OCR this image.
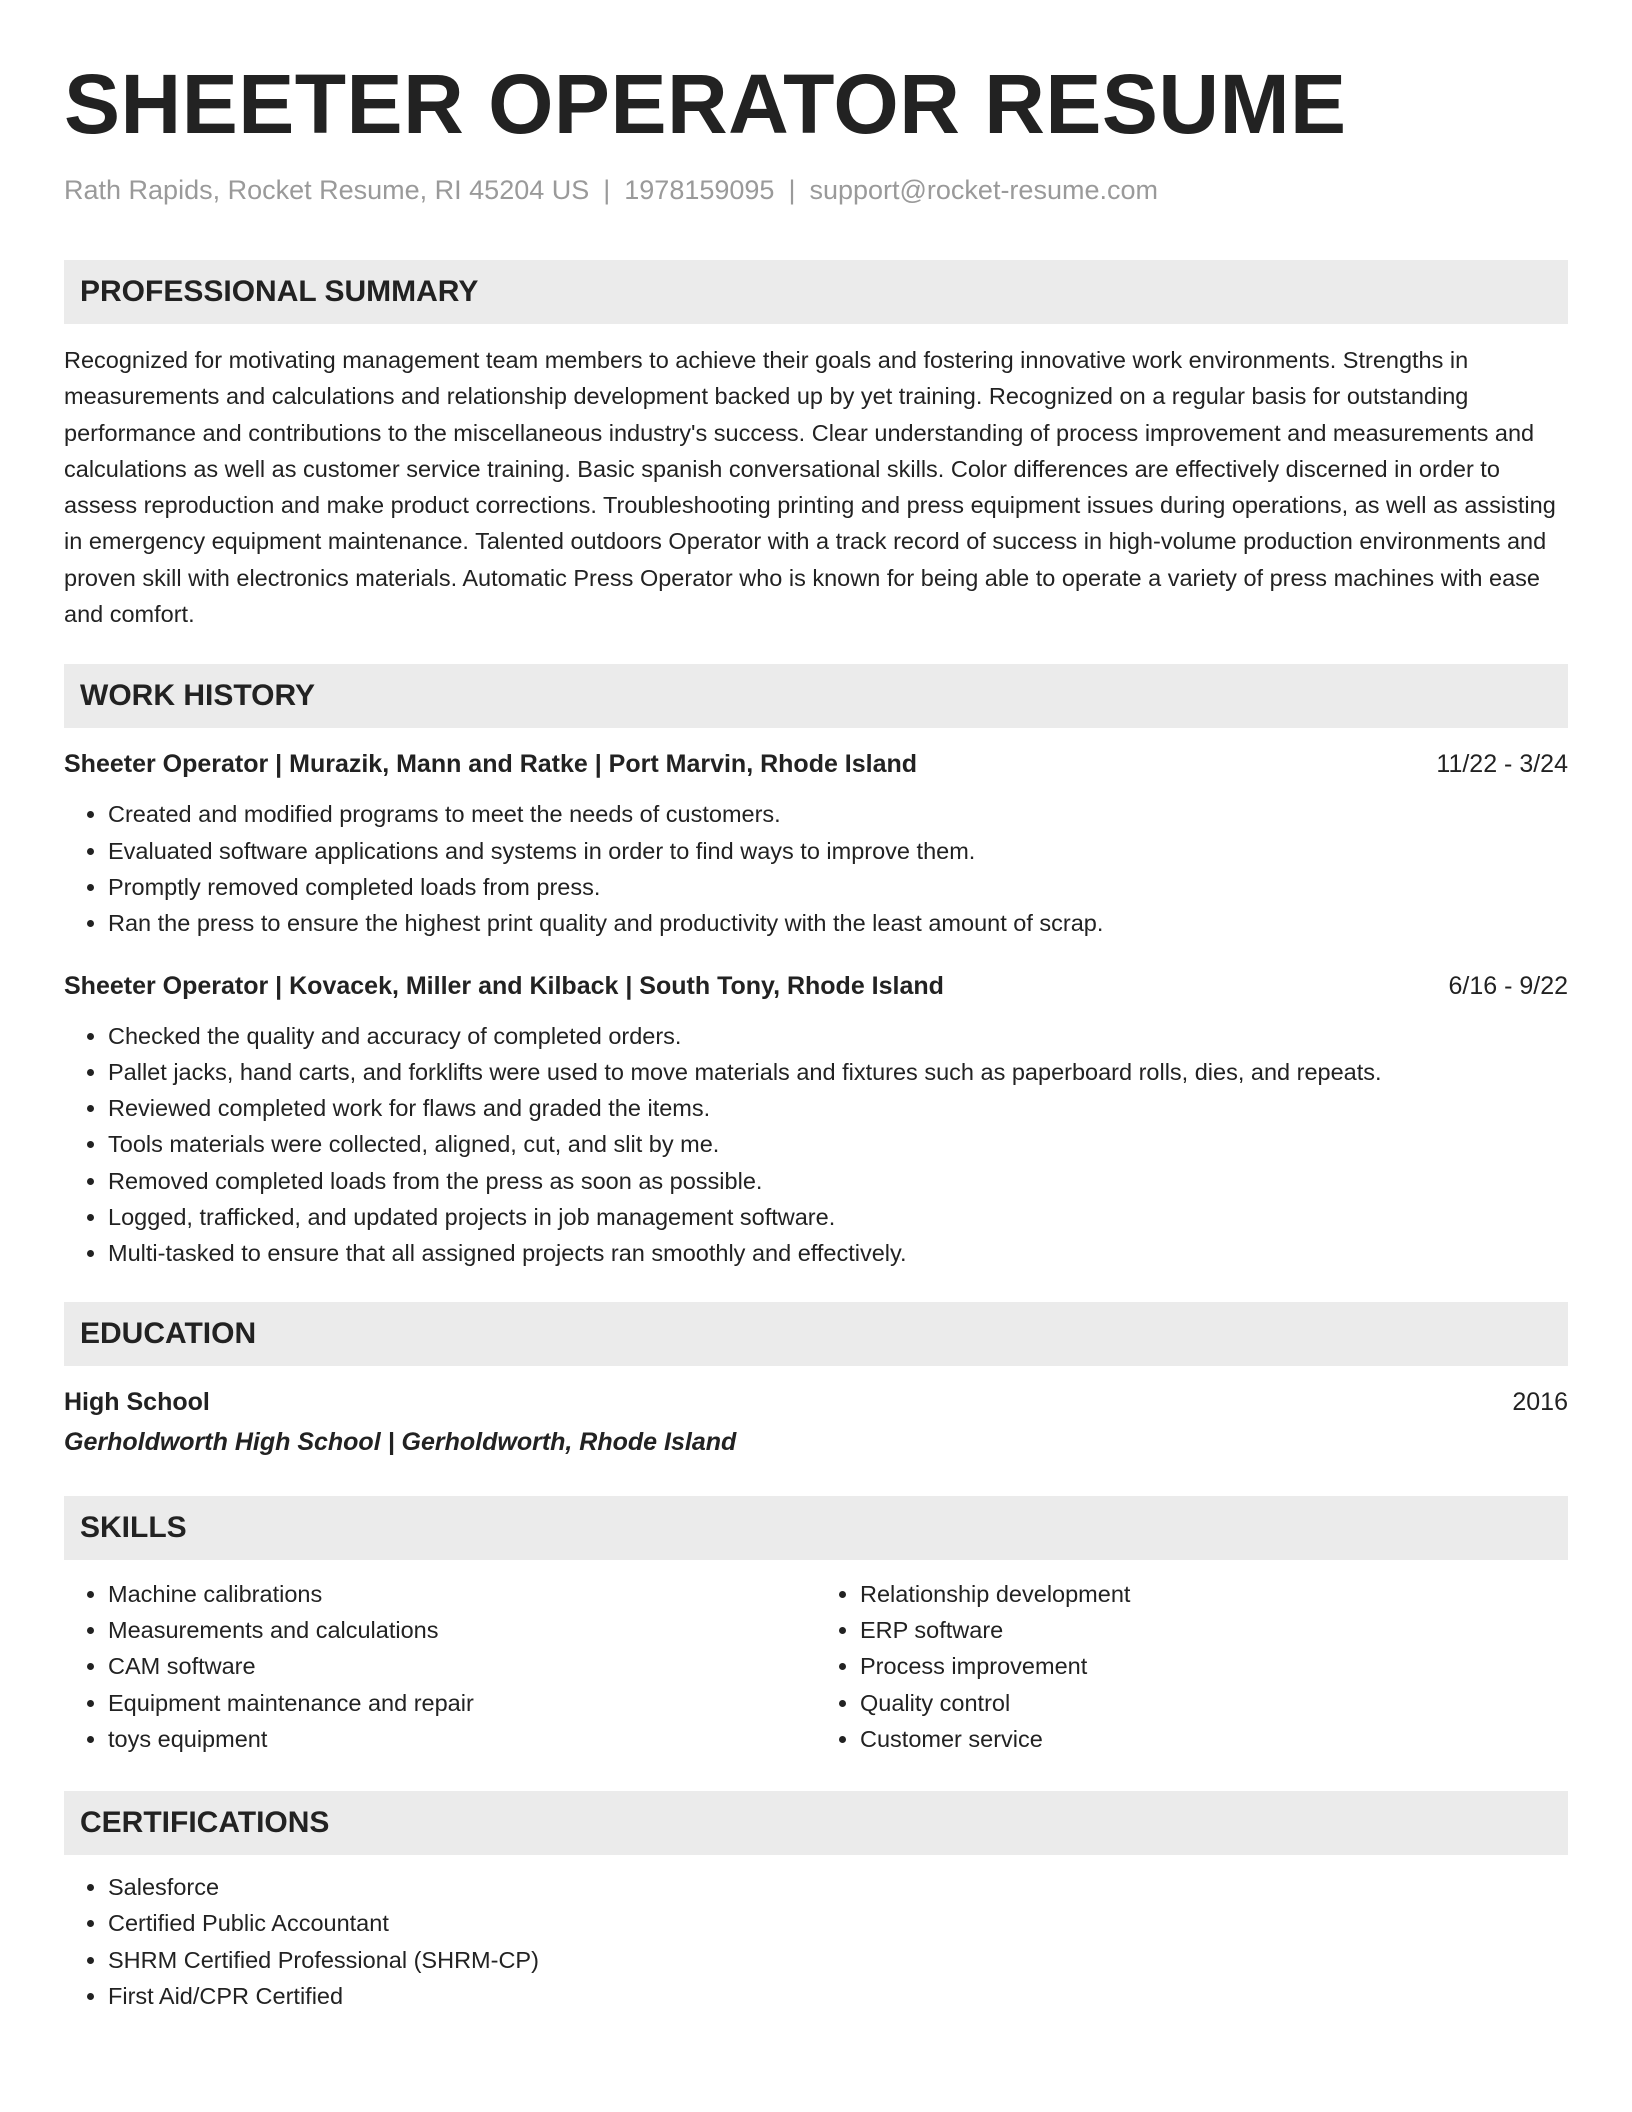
SHEETER OPERATOR RESUME
Rath Rapids, Rocket Resume, RI 45204 US | 1978159095 | support@rocket-resume.com
PROFESSIONAL SUMMARY
Recognized for motivating management team members to achieve their goals and fostering innovative work environments. Strengths in measurements and calculations and relationship development backed up by yet training. Recognized on a regular basis for outstanding performance and contributions to the miscellaneous industry's success. Clear understanding of process improvement and measurements and calculations as well as customer service training. Basic spanish conversational skills. Color differences are effectively discerned in order to assess reproduction and make product corrections. Troubleshooting printing and press equipment issues during operations, as well as assisting in emergency equipment maintenance. Talented outdoors Operator with a track record of success in high-volume production environments and proven skill with electronics materials. Automatic Press Operator who is known for being able to operate a variety of press machines with ease and comfort.
WORK HISTORY
Sheeter Operator | Murazik, Mann and Ratke | Port Marvin, Rhode Island	11/22 - 3/24
• Created and modified programs to meet the needs of customers.
• Evaluated software applications and systems in order to find ways to improve them.
• Promptly removed completed loads from press.
• Ran the press to ensure the highest print quality and productivity with the least amount of scrap.
Sheeter Operator | Kovacek, Miller and Kilback | South Tony, Rhode Island	6/16 - 9/22
• Checked the quality and accuracy of completed orders.
• Pallet jacks, hand carts, and forklifts were used to move materials and fixtures such as paperboard rolls, dies, and repeats.
• Reviewed completed work for flaws and graded the items.
• Tools materials were collected, aligned, cut, and slit by me.
• Removed completed loads from the press as soon as possible.
• Logged, trafficked, and updated projects in job management software.
• Multi-tasked to ensure that all assigned projects ran smoothly and effectively.
EDUCATION
High School	2016
Gerholdworth High School | Gerholdworth, Rhode Island
SKILLS
• Machine calibrations
• Measurements and calculations
• CAM software
• Equipment maintenance and repair
• toys equipment
• Relationship development
• ERP software
• Process improvement
• Quality control
• Customer service
CERTIFICATIONS
• Salesforce
• Certified Public Accountant
• SHRM Certified Professional (SHRM-CP)
• First Aid/CPR Certified
